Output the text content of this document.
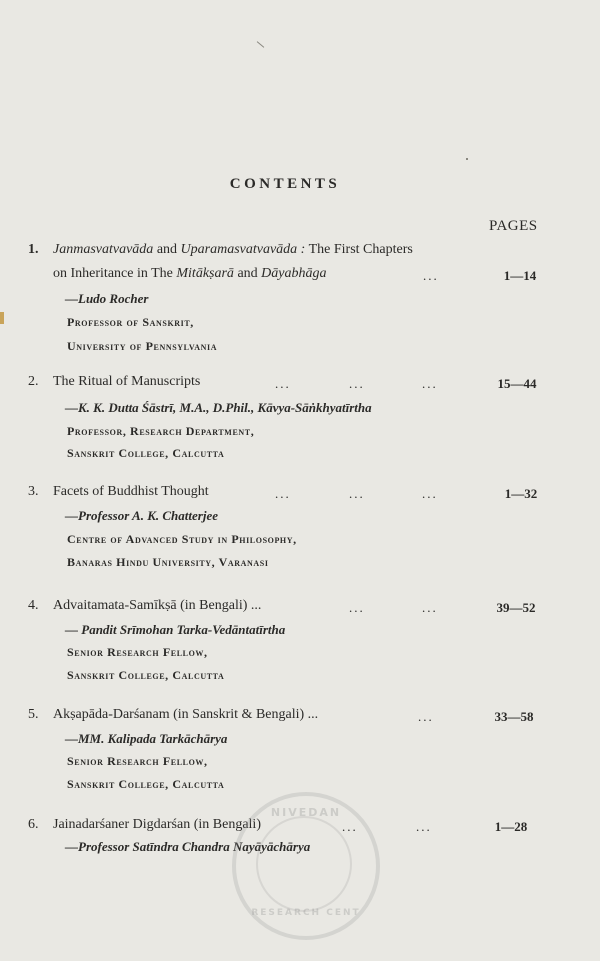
CONTENTS
PAGES
1. Janmasvatvavāda and Uparamasvatvavāda : The First Chapters
on Inheritance in The Mitākṣarā and Dāyabhāga	...	1—14
—Ludo Rocher
Professor of Sanskrit,
University of Pennsylvania
2. The Ritual of Manuscripts	...	...	...	15—44
—K. K. Dutta Śāstrī, M.A., D.Phil., Kāvya-Sāṅkhyatīrtha
Professor, Research Department,
Sanskrit College, Calcutta
3. Facets of Buddhist Thought	...	...	...	1—32
—Professor A. K. Chatterjee
Centre of Advanced Study in Philosophy,
Banaras Hindu University, Varanasi
4. Advaitamata-Samīkṣā (in Bengali) ...	...	...	39—52
— Pandit Srīmohan Tarka-Vedāntatīrtha
Senior Research Fellow,
Sanskrit College, Calcutta
5. Akṣapāda-Darśanam (in Sanskrit & Bengali) ...	...	33—58
—MM. Kalipada Tarkāchārya
Senior Research Fellow,
Sanskrit College, Calcutta
6. Jainadarśaner Digdarśan (in Bengali)	...	...	1—28
—Professor Satīndra Chandra Nayāyāchārya
NIVEDAN
RESEARCH CENT
